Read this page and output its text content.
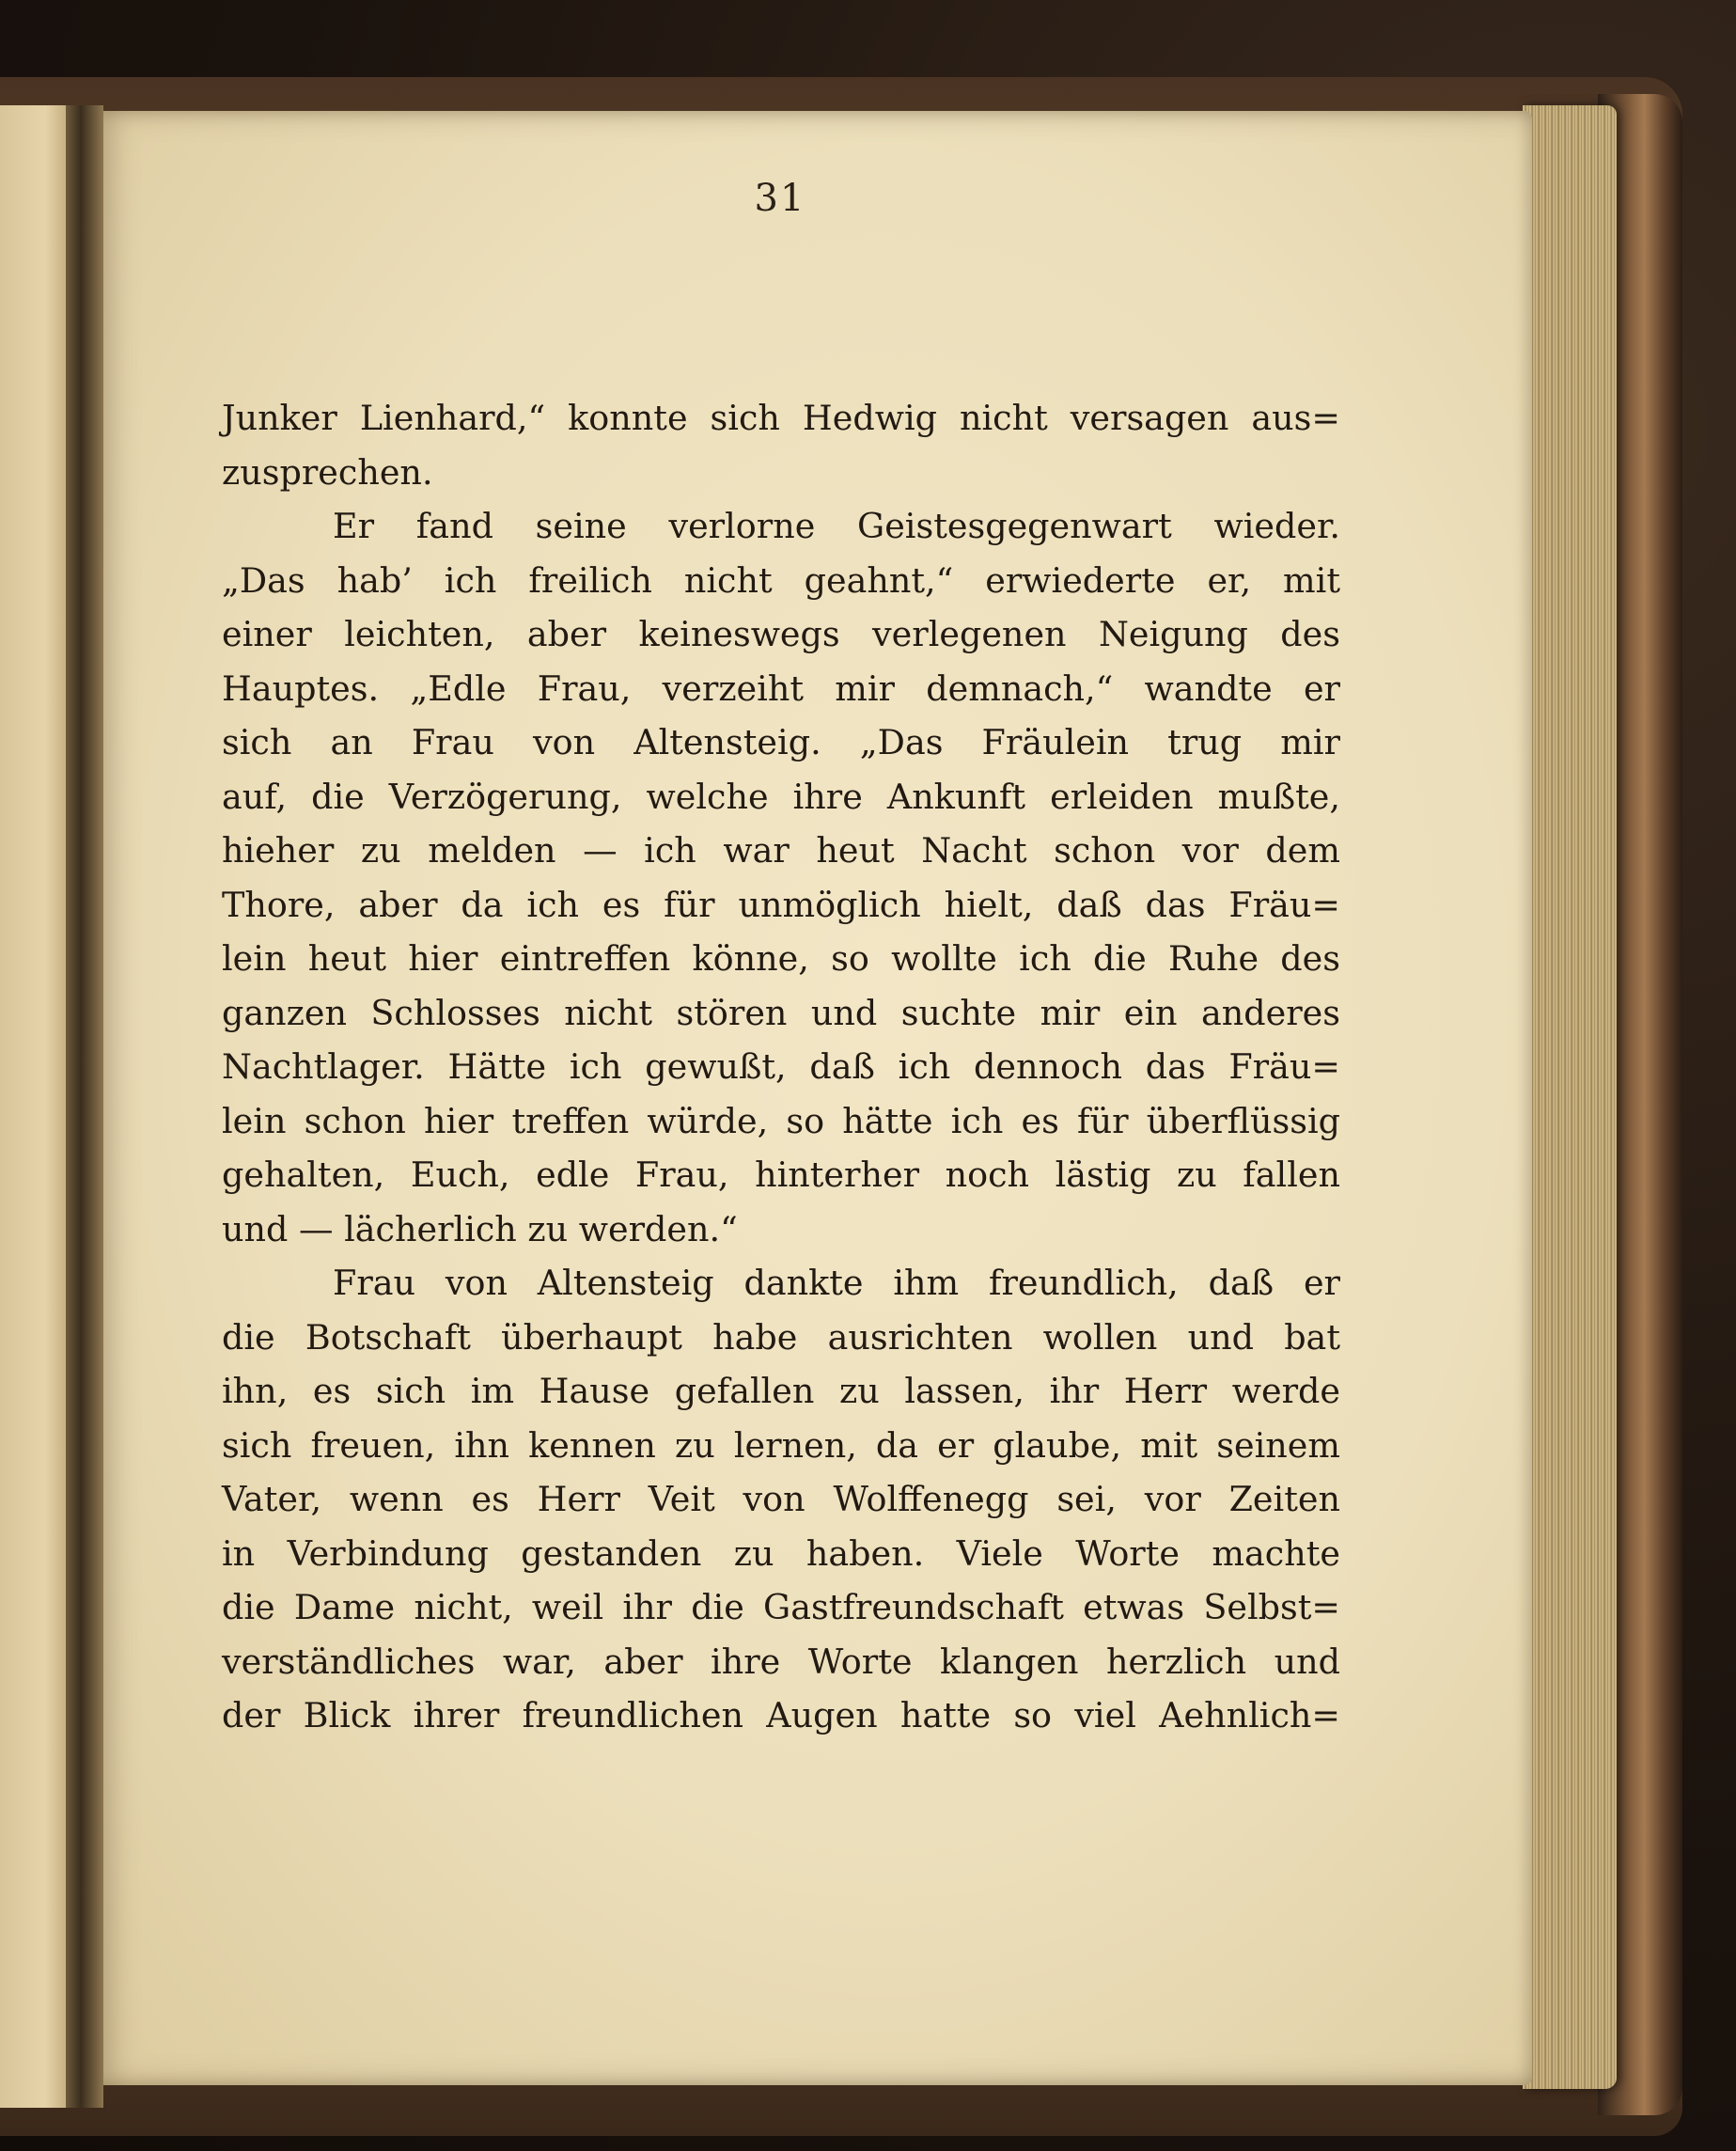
31
Junker Lienhard,“ konnte sich Hedwig nicht versagen aus=
zusprechen.
Er fand seine verlorne Geistesgegenwart wieder.
„Das hab’ ich freilich nicht geahnt,“ erwiederte er, mit
einer leichten, aber keineswegs verlegenen Neigung des
Hauptes. „Edle Frau, verzeiht mir demnach,“ wandte er
sich an Frau von Altensteig. „Das Fräulein trug mir
auf, die Verzögerung, welche ihre Ankunft erleiden mußte,
hieher zu melden — ich war heut Nacht schon vor dem
Thore, aber da ich es für unmöglich hielt, daß das Fräu=
lein heut hier eintreffen könne, so wollte ich die Ruhe des
ganzen Schlosses nicht stören und suchte mir ein anderes
Nachtlager. Hätte ich gewußt, daß ich dennoch das Fräu=
lein schon hier treffen würde, so hätte ich es für überflüssig
gehalten, Euch, edle Frau, hinterher noch lästig zu fallen
und — lächerlich zu werden.“
Frau von Altensteig dankte ihm freundlich, daß er
die Botschaft überhaupt habe ausrichten wollen und bat
ihn, es sich im Hause gefallen zu lassen, ihr Herr werde
sich freuen, ihn kennen zu lernen, da er glaube, mit seinem
Vater, wenn es Herr Veit von Wolffenegg sei, vor Zeiten
in Verbindung gestanden zu haben. Viele Worte machte
die Dame nicht, weil ihr die Gastfreundschaft etwas Selbst=
verständliches war, aber ihre Worte klangen herzlich und
der Blick ihrer freundlichen Augen hatte so viel Aehnlich=
